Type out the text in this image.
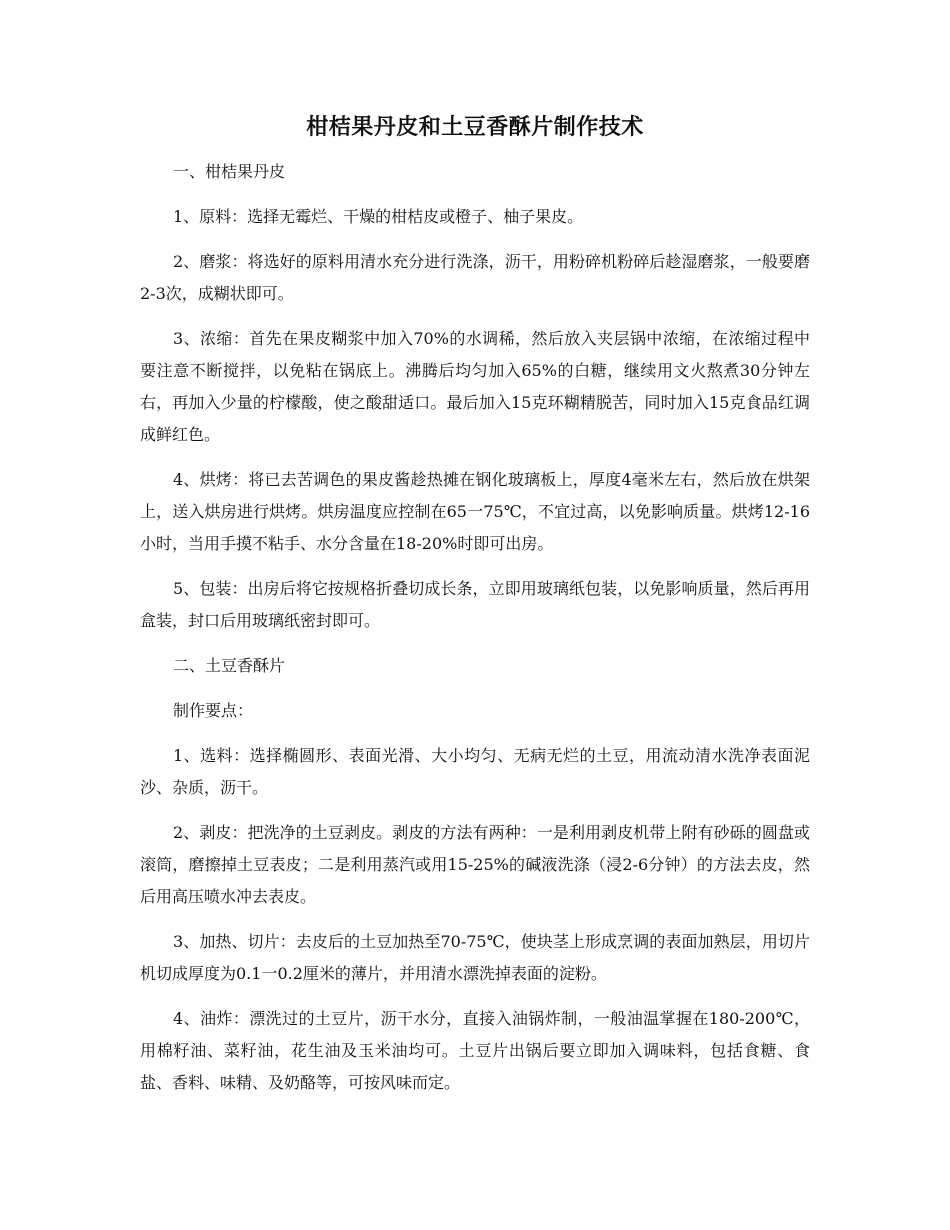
柑桔果丹皮和土豆香酥片制作技术

一、柑桔果丹皮

1、原料：选择无霉烂、干燥的柑桔皮或橙子、柚子果皮。

2、磨浆：将选好的原料用清水充分进行洗涤，沥干，用粉碎机粉碎后趁湿磨浆，一般要磨2-3次，成糊状即可。

3、浓缩：首先在果皮糊浆中加入70%的水调稀，然后放入夹层锅中浓缩，在浓缩过程中要注意不断搅拌，以免粘在锅底上。沸腾后均匀加入65%的白糖，继续用文火熬煮30分钟左右，再加入少量的柠檬酸，使之酸甜适口。最后加入15克环糊精脱苦，同时加入15克食品红调成鲜红色。

4、烘烤：将已去苦调色的果皮酱趁热摊在钢化玻璃板上，厚度4毫米左右，然后放在烘架上，送入烘房进行烘烤。烘房温度应控制在65一75℃，不宜过高，以免影响质量。烘烤12-16小时，当用手摸不粘手、水分含量在18-20%时即可出房。

5、包装：出房后将它按规格折叠切成长条，立即用玻璃纸包装，以免影响质量，然后再用盒装，封口后用玻璃纸密封即可。

二、土豆香酥片

制作要点：

1、选料：选择椭圆形、表面光滑、大小均匀、无病无烂的土豆，用流动清水洗净表面泥沙、杂质，沥干。

2、剥皮：把洗净的土豆剥皮。剥皮的方法有两种：一是利用剥皮机带上附有砂砾的圆盘或滚筒，磨擦掉土豆表皮；二是利用蒸汽或用15-25%的碱液洗涤（浸2-6分钟）的方法去皮，然后用高压喷水冲去表皮。

3、加热、切片：去皮后的土豆加热至70-75℃，使块茎上形成烹调的表面加熟层，用切片机切成厚度为0.1一0.2厘米的薄片，并用清水漂洗掉表面的淀粉。

4、油炸：漂洗过的土豆片，沥干水分，直接入油锅炸制，一般油温掌握在180-200℃，用棉籽油、菜籽油，花生油及玉米油均可。土豆片出锅后要立即加入调味料，包括食糖、食盐、香料、味精、及奶酪等，可按风味而定。
